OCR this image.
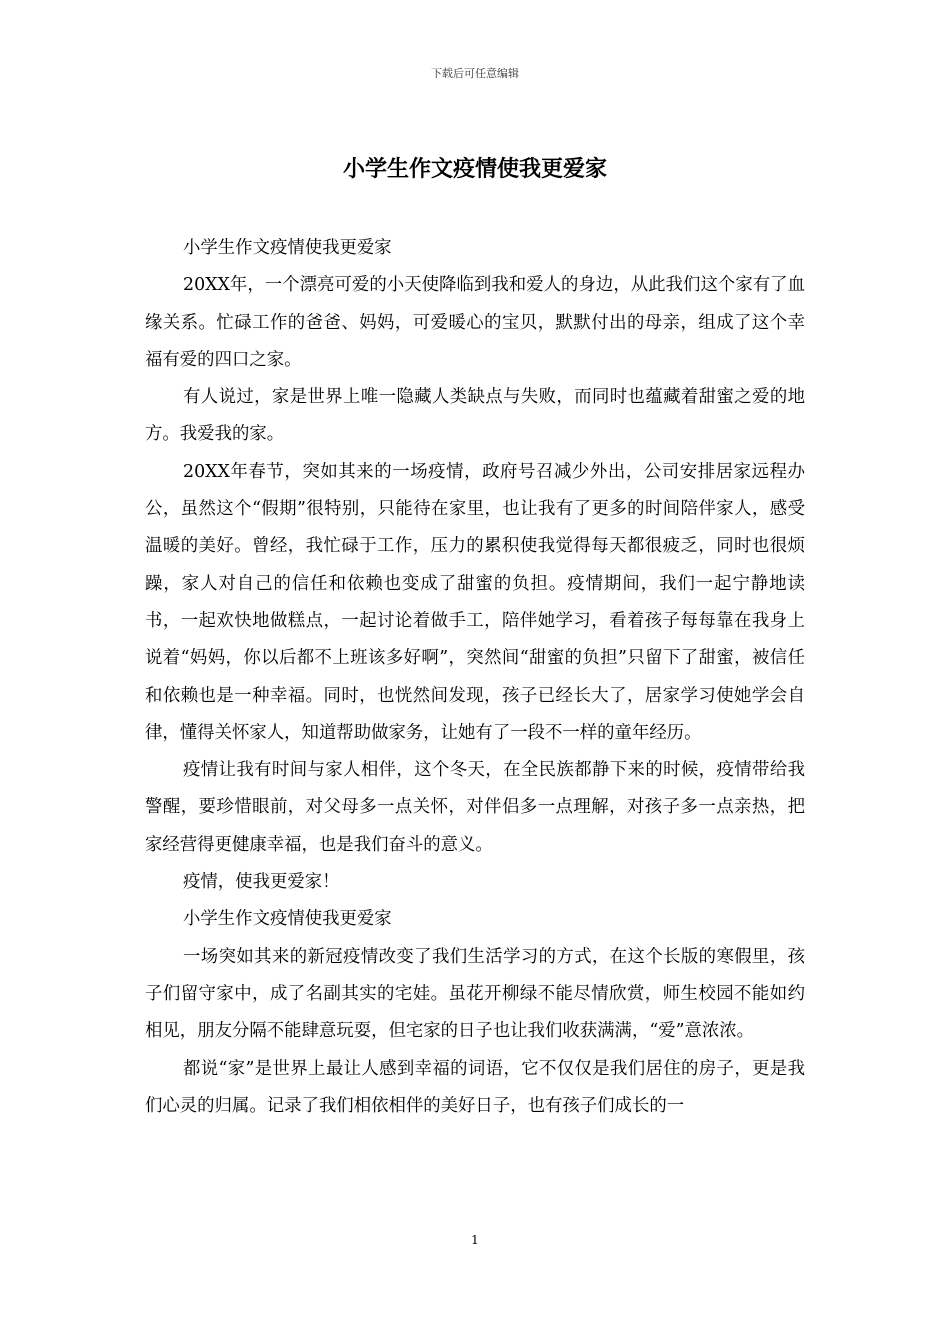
下载后可任意编辑
小学生作文疫情使我更爱家

小学生作文疫情使我更爱家

20XX年，一个漂亮可爱的小天使降临到我和爱人的身边，从此我们这个家有了血缘关系。忙碌工作的爸爸、妈妈，可爱暖心的宝贝，默默付出的母亲，组成了这个幸福有爱的四口之家。

有人说过，家是世界上唯一隐藏人类缺点与失败，而同时也蕴藏着甜蜜之爱的地方。我爱我的家。

20XX年春节，突如其来的一场疫情，政府号召减少外出，公司安排居家远程办公，虽然这个“假期”很特别，只能待在家里，也让我有了更多的时间陪伴家人，感受温暖的美好。曾经，我忙碌于工作，压力的累积使我觉得每天都很疲乏，同时也很烦躁，家人对自己的信任和依赖也变成了甜蜜的负担。疫情期间，我们一起宁静地读书，一起欢快地做糕点，一起讨论着做手工，陪伴她学习，看着孩子每每靠在我身上说着“妈妈，你以后都不上班该多好啊”，突然间“甜蜜的负担”只留下了甜蜜，被信任和依赖也是一种幸福。同时，也恍然间发现，孩子已经长大了，居家学习使她学会自律，懂得关怀家人，知道帮助做家务，让她有了一段不一样的童年经历。

疫情让我有时间与家人相伴，这个冬天，在全民族都静下来的时候，疫情带给我警醒，要珍惜眼前，对父母多一点关怀，对伴侣多一点理解，对孩子多一点亲热，把家经营得更健康幸福，也是我们奋斗的意义。

疫情，使我更爱家！

小学生作文疫情使我更爱家

一场突如其来的新冠疫情改变了我们生活学习的方式，在这个长版的寒假里，孩子们留守家中，成了名副其实的宅娃。虽花开柳绿不能尽情欣赏，师生校园不能如约相见，朋友分隔不能肆意玩耍，但宅家的日子也让我们收获满满，“爱”意浓浓。

都说“家”是世界上最让人感到幸福的词语，它不仅仅是我们居住的房子，更是我们心灵的归属。记录了我们相依相伴的美好日子，也有孩子们成长的一

1
